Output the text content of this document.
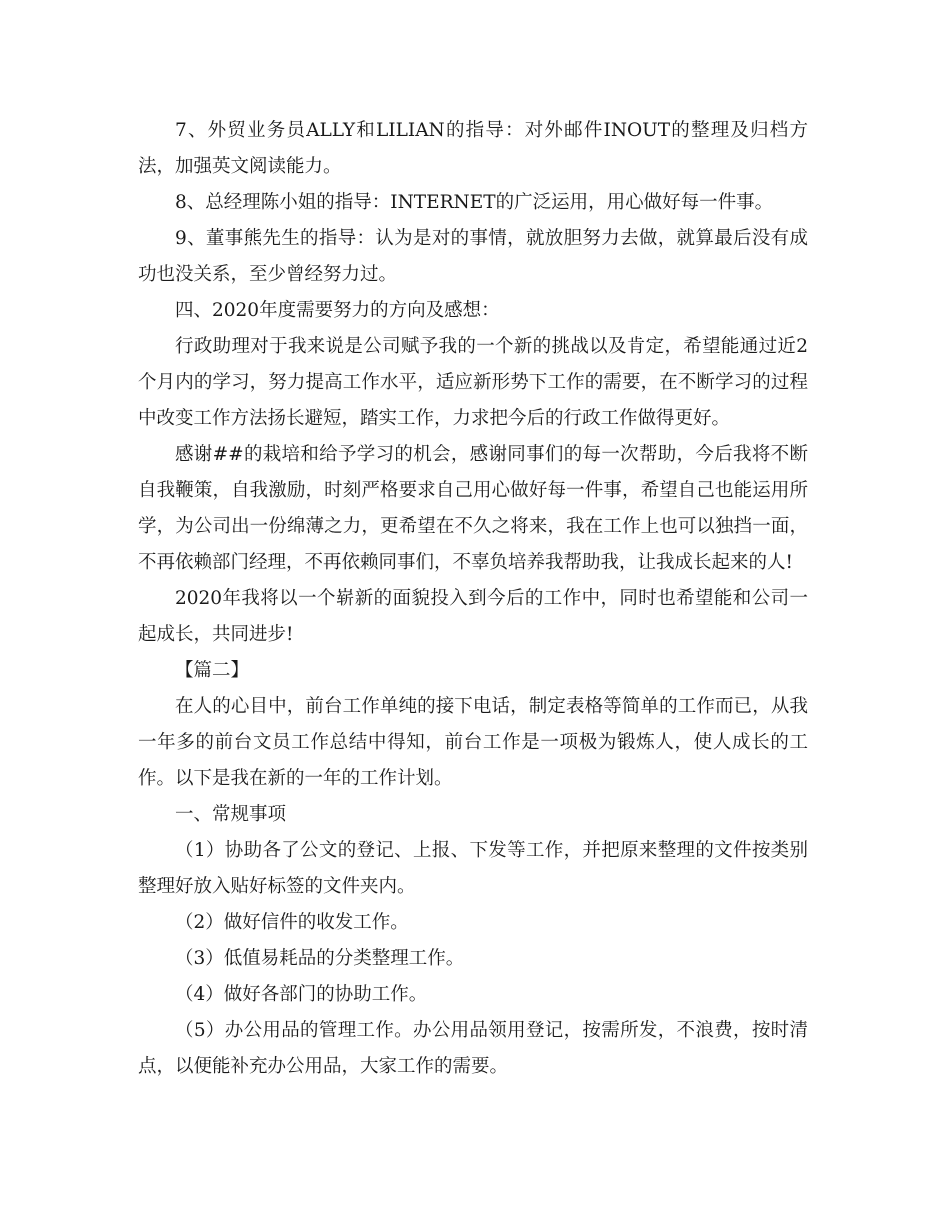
7、外贸业务员ALLY和LILIAN的指导：对外邮件INOUT的整理及归档方法，加强英文阅读能力。

8、总经理陈小姐的指导：INTERNET的广泛运用，用心做好每一件事。

9、董事熊先生的指导：认为是对的事情，就放胆努力去做，就算最后没有成功也没关系，至少曾经努力过。

四、2020年度需要努力的方向及感想：

行政助理对于我来说是公司赋予我的一个新的挑战以及肯定，希望能通过近2个月内的学习，努力提高工作水平，适应新形势下工作的需要，在不断学习的过程中改变工作方法扬长避短，踏实工作，力求把今后的行政工作做得更好。

感谢##的栽培和给予学习的机会，感谢同事们的每一次帮助，今后我将不断自我鞭策，自我激励，时刻严格要求自己用心做好每一件事，希望自己也能运用所学，为公司出一份绵薄之力，更希望在不久之将来，我在工作上也可以独挡一面，不再依赖部门经理，不再依赖同事们，不辜负培养我帮助我，让我成长起来的人!

2020年我将以一个崭新的面貌投入到今后的工作中，同时也希望能和公司一起成长，共同进步!

【篇二】

在人的心目中，前台工作单纯的接下电话，制定表格等简单的工作而已，从我一年多的前台文员工作总结中得知，前台工作是一项极为锻炼人，使人成长的工作。以下是我在新的一年的工作计划。

一、常规事项

（1）协助各了公文的登记、上报、下发等工作，并把原来整理的文件按类别整理好放入贴好标签的文件夹内。

（2）做好信件的收发工作。

（3）低值易耗品的分类整理工作。

（4）做好各部门的协助工作。

（5）办公用品的管理工作。办公用品领用登记，按需所发，不浪费，按时清点，以便能补充办公用品，大家工作的需要。
